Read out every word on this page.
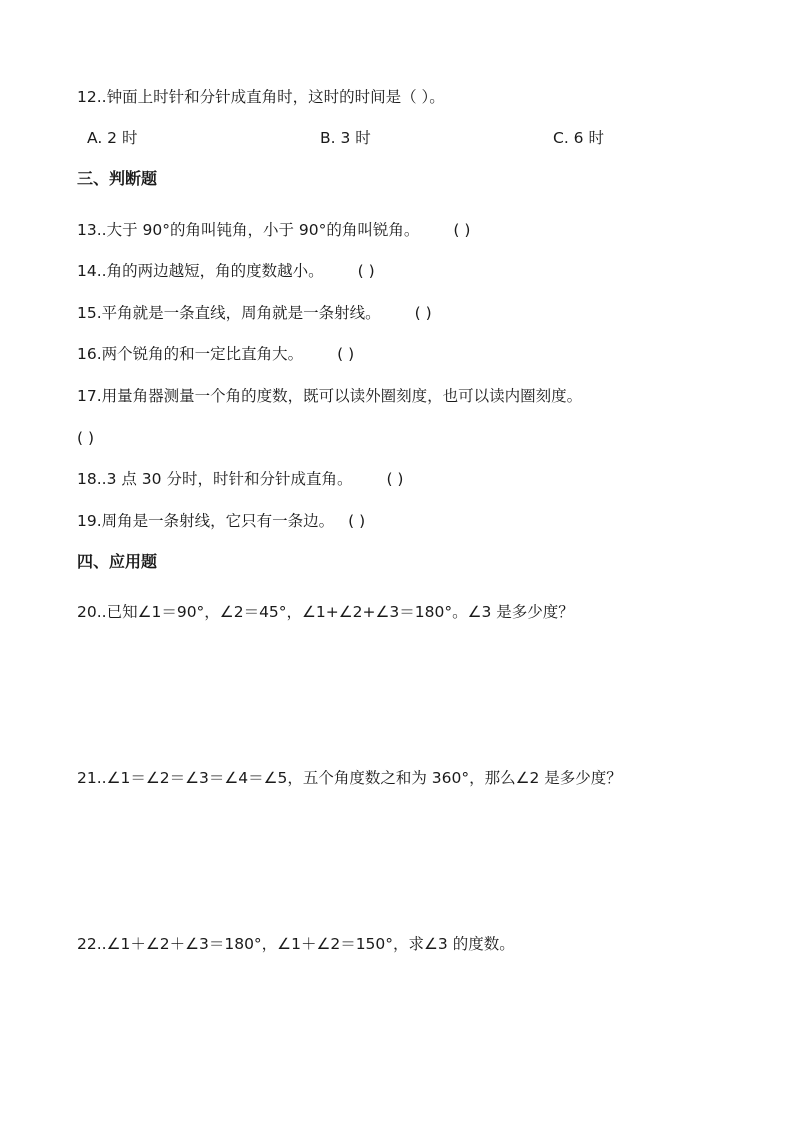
12..钟面上时针和分针成直角时，这时的时间是（ ）。
A. 2 时	B. 3 时	C. 6 时
三、判断题
13..大于 90°的角叫钝角，小于 90°的角叫锐角。 ( )
14..角的两边越短，角的度数越小。 ( )
15.平角就是一条直线，周角就是一条射线。 ( )
16.两个锐角的和一定比直角大。 ( )
17.用量角器测量一个角的度数，既可以读外圈刻度，也可以读内圈刻度。
( )
18..3 点 30 分时，时针和分针成直角。 ( )
19.周角是一条射线，它只有一条边。 ( )
四、应用题
20..已知∠1＝90°，∠2＝45°，∠1+∠2+∠3＝180°。∠3 是多少度？
21..∠1＝∠2＝∠3＝∠4＝∠5，五个角度数之和为 360°，那么∠2 是多少度？
22..∠1＋∠2＋∠3＝180°，∠1＋∠2＝150°，求∠3 的度数。
